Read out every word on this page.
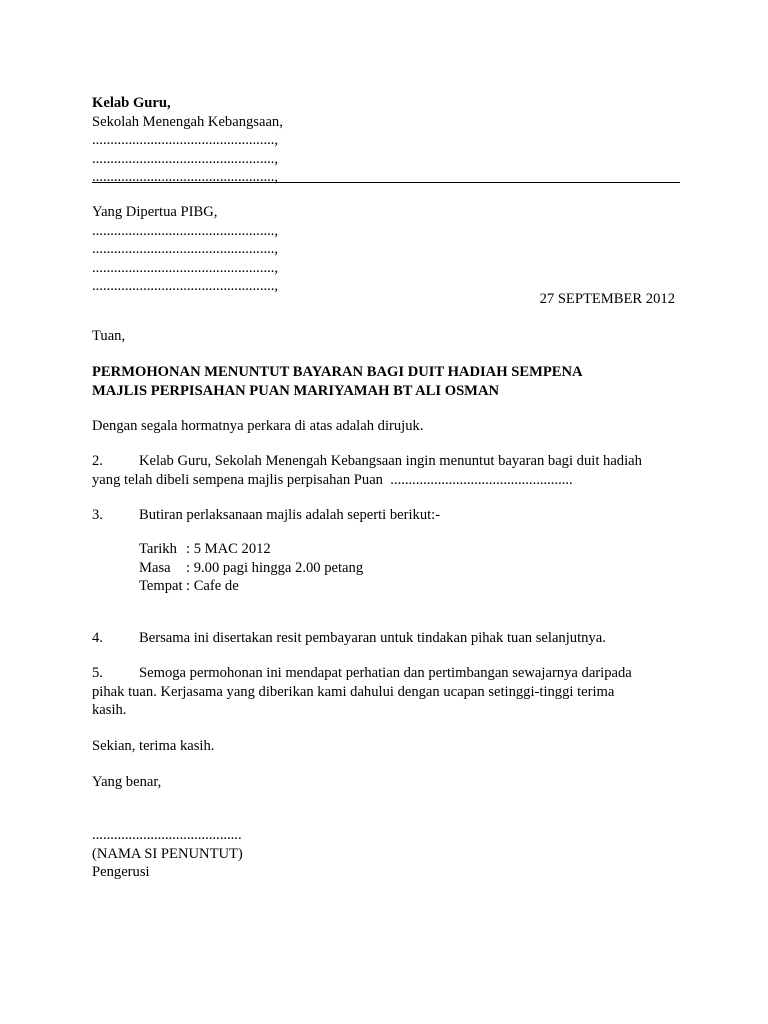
Kelab Guru,
Sekolah Menengah Kebangsaan,
..................................................,
..................................................,
..................................................,
Yang Dipertua PIBG,
..................................................,
..................................................,
..................................................,
..................................................,
27 SEPTEMBER 2012
Tuan,
PERMOHONAN MENUNTUT BAYARAN BAGI DUIT HADIAH SEMPENA
MAJLIS PERPISAHAN PUAN MARIYAMAH BT ALI OSMAN
Dengan segala hormatnya perkara di atas adalah dirujuk.
2. Kelab Guru, Sekolah Menengah Kebangsaan ingin menuntut bayaran bagi duit hadiah
yang telah dibeli sempena majlis perpisahan Puan  ..................................................
3. Butiran perlaksanaan majlis adalah seperti berikut:-
Tarikh : 5 MAC 2012
Masa : 9.00 pagi hingga 2.00 petang
Tempat : Cafe de
4. Bersama ini disertakan resit pembayaran untuk tindakan pihak tuan selanjutnya.
5. Semoga permohonan ini mendapat perhatian dan pertimbangan sewajarnya daripada
pihak tuan. Kerjasama yang diberikan kami dahului dengan ucapan setinggi-tinggi terima
kasih.
Sekian, terima kasih.
Yang benar,
.........................................
(NAMA SI PENUNTUT)
Pengerusi
